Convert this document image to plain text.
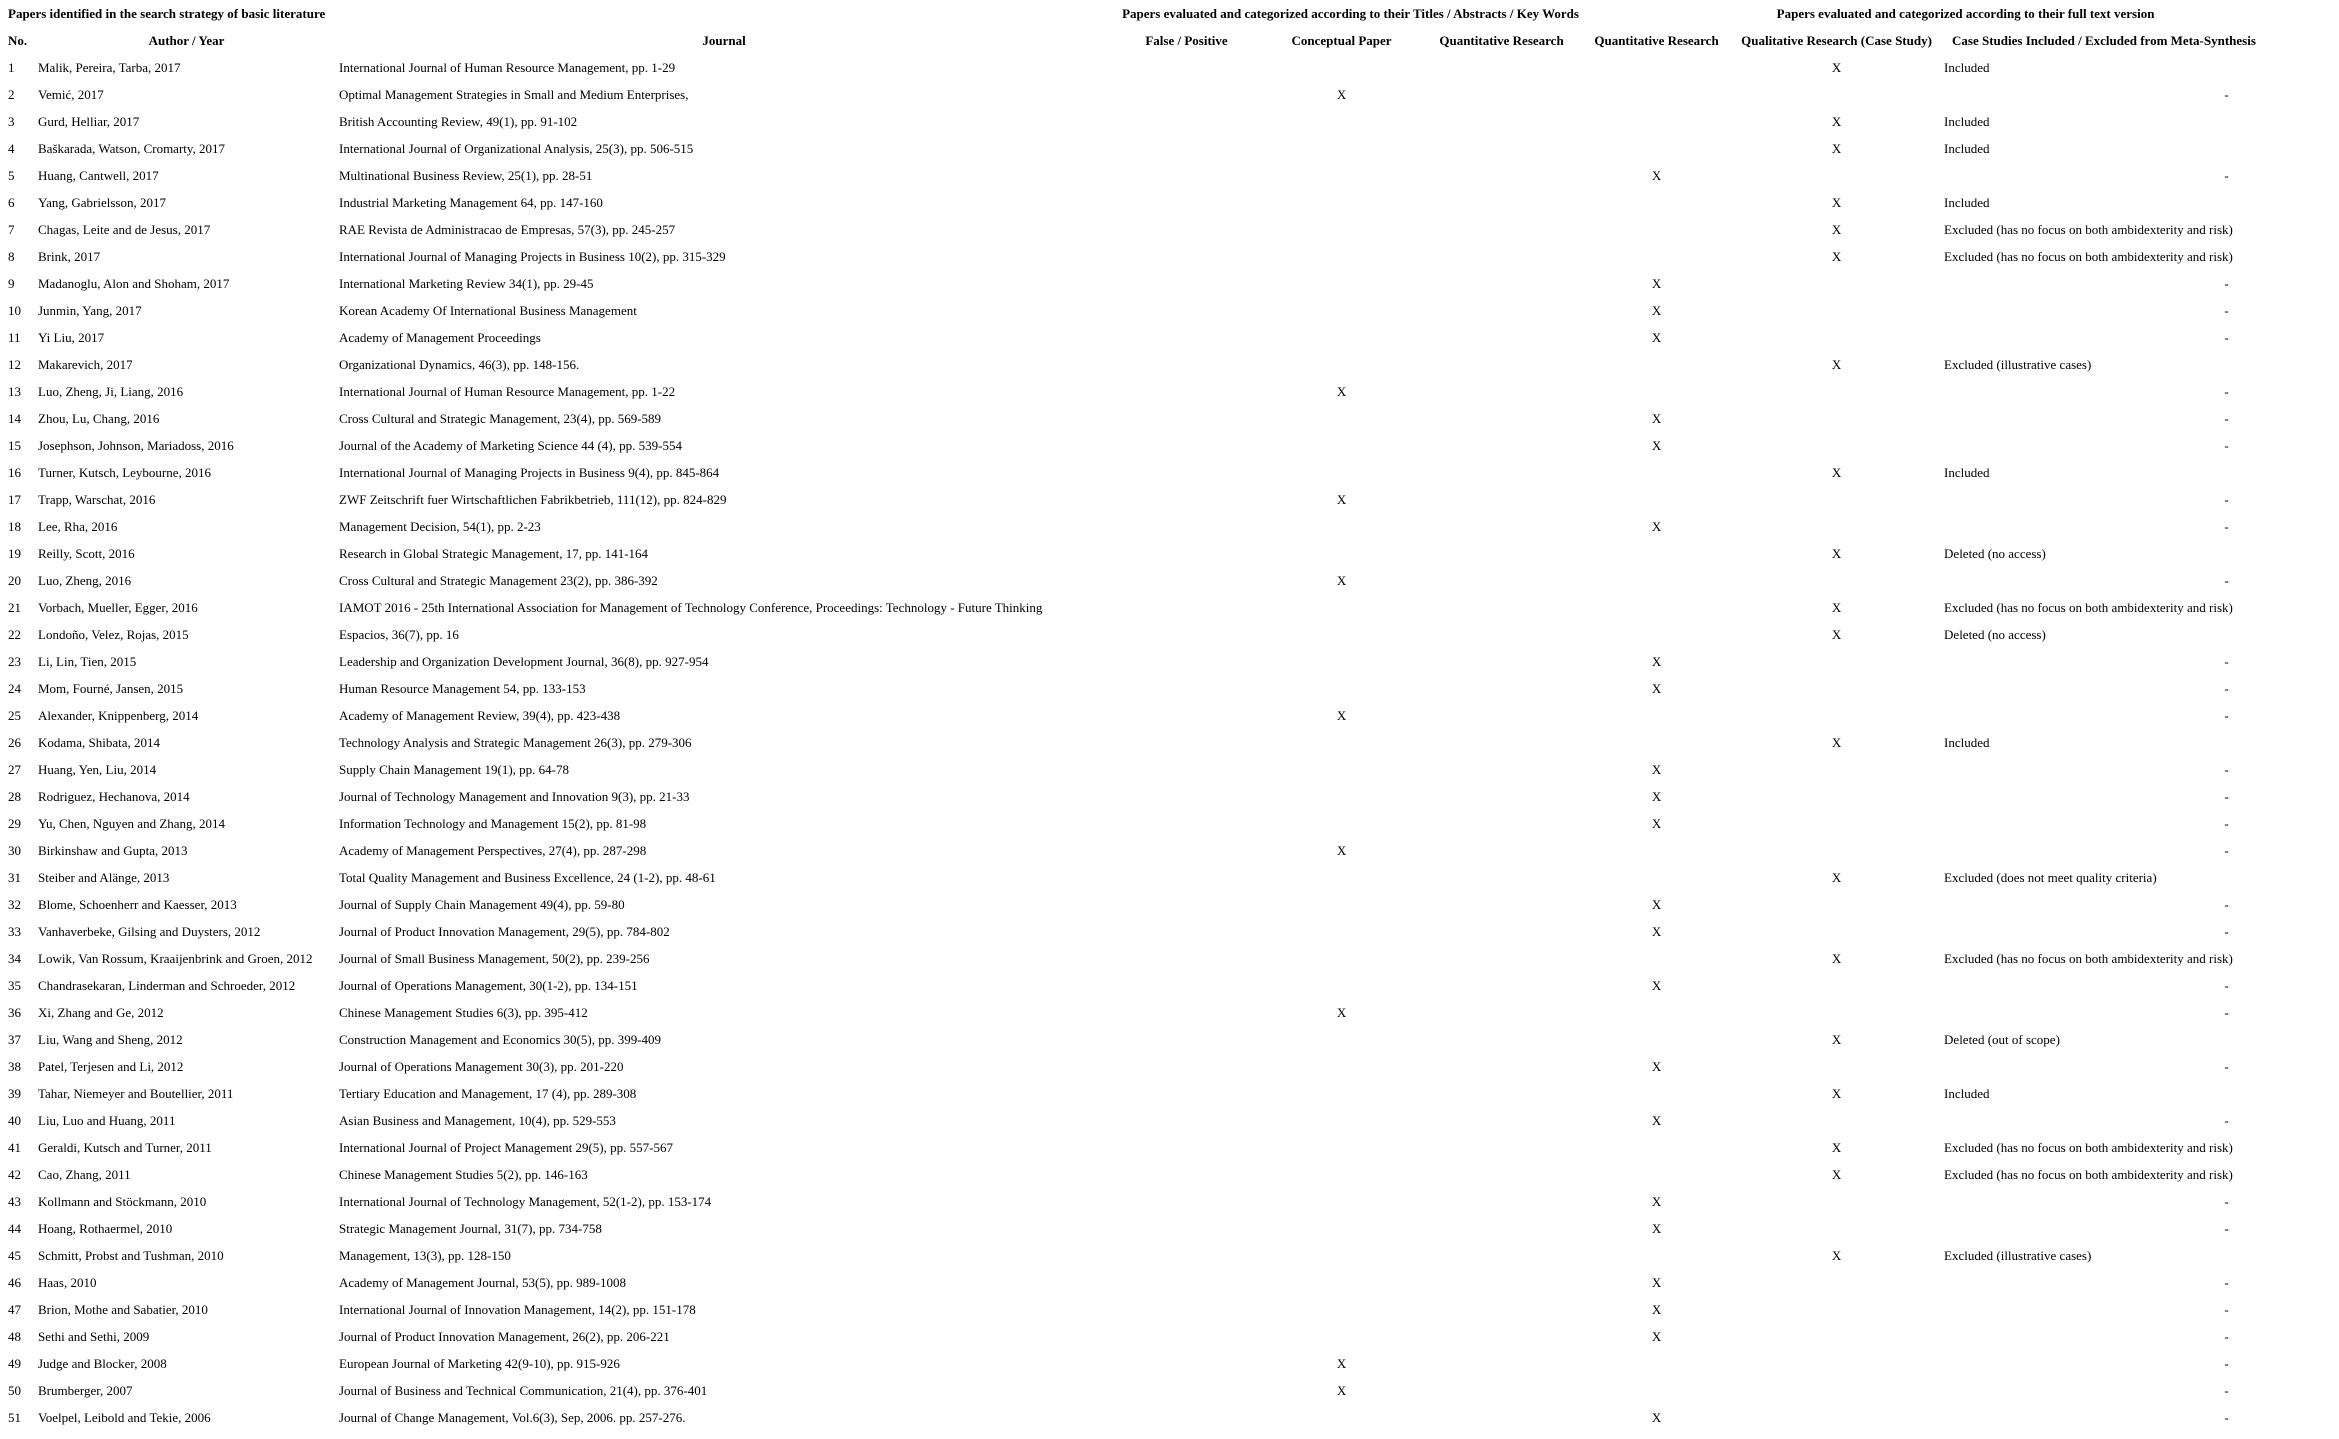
Papers identified in the search strategy of basic literature			Papers evaluated and categorized according to their Titles / Abstracts / Key Words			Papers evaluated and categorized according to their full text version			
No.	Author / Year	Journal	False / Positive	Conceptual Paper	Quantitative Research	Quantitative Research	Qualitative Research (Case Study)	Case Studies Included / Excluded from Meta-Synthesis	
1	Malik, Pereira, Tarba, 2017	International Journal of Human Resource Management, pp. 1-29					X	Included	
2	Vemić, 2017	Optimal Management Strategies in Small and Medium Enterprises,		X					-
3	Gurd, Helliar, 2017	British Accounting Review, 49(1), pp. 91-102					X	Included	
4	Baškarada, Watson, Cromarty, 2017	International Journal of Organizational Analysis, 25(3), pp. 506-515					X	Included	
5	Huang, Cantwell, 2017	Multinational Business Review, 25(1), pp. 28-51				X			-
6	Yang, Gabrielsson, 2017	Industrial Marketing Management 64, pp. 147-160					X	Included	
7	Chagas, Leite and de Jesus, 2017	RAE Revista de Administracao de Empresas, 57(3), pp. 245-257					X	Excluded (has no focus on both ambidexterity and risk)	
8	Brink, 2017	International Journal of Managing Projects in Business 10(2), pp. 315-329					X	Excluded (has no focus on both ambidexterity and risk)	
9	Madanoglu, Alon and Shoham, 2017	International Marketing Review 34(1), pp. 29-45				X			-
10	Junmin, Yang, 2017	Korean Academy Of International Business Management				X			-
11	Yi Liu, 2017	Academy of Management Proceedings				X			-
12	Makarevich, 2017	Organizational Dynamics, 46(3), pp. 148-156.					X	Excluded (illustrative cases)	
13	Luo, Zheng, Ji, Liang, 2016	International Journal of Human Resource Management, pp. 1-22		X					-
14	Zhou, Lu, Chang, 2016	Cross Cultural and Strategic Management, 23(4), pp. 569-589				X			-
15	Josephson, Johnson, Mariadoss, 2016	Journal of the Academy of Marketing Science 44 (4), pp. 539-554				X			-
16	Turner, Kutsch, Leybourne, 2016	International Journal of Managing Projects in Business 9(4), pp. 845-864					X	Included	
17	Trapp, Warschat, 2016	ZWF Zeitschrift fuer Wirtschaftlichen Fabrikbetrieb, 111(12), pp. 824-829		X					-
18	Lee, Rha, 2016	Management Decision, 54(1), pp. 2-23				X			-
19	Reilly, Scott, 2016	Research in Global Strategic Management, 17, pp. 141-164					X	Deleted (no access)	
20	Luo, Zheng, 2016	Cross Cultural and Strategic Management 23(2), pp. 386-392		X					-
21	Vorbach, Mueller, Egger, 2016	IAMOT 2016 - 25th International Association for Management of Technology Conference, Proceedings: Technology - Future Thinking					X	Excluded (has no focus on both ambidexterity and risk)	
22	Londoño, Velez, Rojas, 2015	Espacios, 36(7), pp. 16					X	Deleted (no access)	
23	Li, Lin, Tien, 2015	Leadership and Organization Development Journal, 36(8), pp. 927-954				X			-
24	Mom, Fourné, Jansen, 2015	Human Resource Management 54, pp. 133-153				X			-
25	Alexander, Knippenberg, 2014	Academy of Management Review, 39(4), pp. 423-438		X					-
26	Kodama, Shibata, 2014	Technology Analysis and Strategic Management 26(3), pp. 279-306					X	Included	
27	Huang, Yen, Liu, 2014	Supply Chain Management 19(1), pp. 64-78				X			-
28	Rodriguez, Hechanova, 2014	Journal of Technology Management and Innovation 9(3), pp. 21-33				X			-
29	Yu, Chen, Nguyen and Zhang, 2014	Information Technology and Management 15(2), pp. 81-98				X			-
30	Birkinshaw and Gupta, 2013	Academy of Management Perspectives, 27(4), pp. 287-298		X					-
31	Steiber and Alänge, 2013	Total Quality Management and Business Excellence, 24 (1-2), pp. 48-61					X	Excluded (does not meet quality criteria)	
32	Blome, Schoenherr and Kaesser, 2013	Journal of Supply Chain Management 49(4), pp. 59-80				X			-
33	Vanhaverbeke, Gilsing and Duysters, 2012	Journal of Product Innovation Management, 29(5), pp. 784-802				X			-
34	Lowik, Van Rossum, Kraaijenbrink and Groen, 2012	Journal of Small Business Management, 50(2), pp. 239-256					X	Excluded (has no focus on both ambidexterity and risk)	
35	Chandrasekaran, Linderman and Schroeder, 2012	Journal of Operations Management, 30(1-2), pp. 134-151				X			-
36	Xi, Zhang and Ge, 2012	Chinese Management Studies 6(3), pp. 395-412		X					-
37	Liu, Wang and Sheng, 2012	Construction Management and Economics 30(5), pp. 399-409					X	Deleted (out of scope)	
38	Patel, Terjesen and Li, 2012	Journal of Operations Management 30(3), pp. 201-220				X			-
39	Tahar, Niemeyer and Boutellier, 2011	Tertiary Education and Management, 17 (4), pp. 289-308					X	Included	
40	Liu, Luo and Huang, 2011	Asian Business and Management, 10(4), pp. 529-553				X			-
41	Geraldi, Kutsch and Turner, 2011	International Journal of Project Management 29(5), pp. 557-567					X	Excluded (has no focus on both ambidexterity and risk)	
42	Cao, Zhang, 2011	Chinese Management Studies 5(2), pp. 146-163					X	Excluded (has no focus on both ambidexterity and risk)	
43	Kollmann and Stöckmann, 2010	International Journal of Technology Management, 52(1-2), pp. 153-174				X			-
44	Hoang, Rothaermel, 2010	Strategic Management Journal, 31(7), pp. 734-758				X			-
45	Schmitt, Probst and Tushman, 2010	Management, 13(3), pp. 128-150					X	Excluded (illustrative cases)	
46	Haas, 2010	Academy of Management Journal, 53(5), pp. 989-1008				X			-
47	Brion, Mothe and Sabatier, 2010	International Journal of Innovation Management, 14(2), pp. 151-178				X			-
48	Sethi and Sethi, 2009	Journal of Product Innovation Management, 26(2), pp. 206-221				X			-
49	Judge and Blocker, 2008	European Journal of Marketing 42(9-10), pp. 915-926		X					-
50	Brumberger, 2007	Journal of Business and Technical Communication, 21(4), pp. 376-401		X					-
51	Voelpel, Leibold and Tekie, 2006	Journal of Change Management, Vol.6(3), Sep, 2006. pp. 257-276.				X			-
